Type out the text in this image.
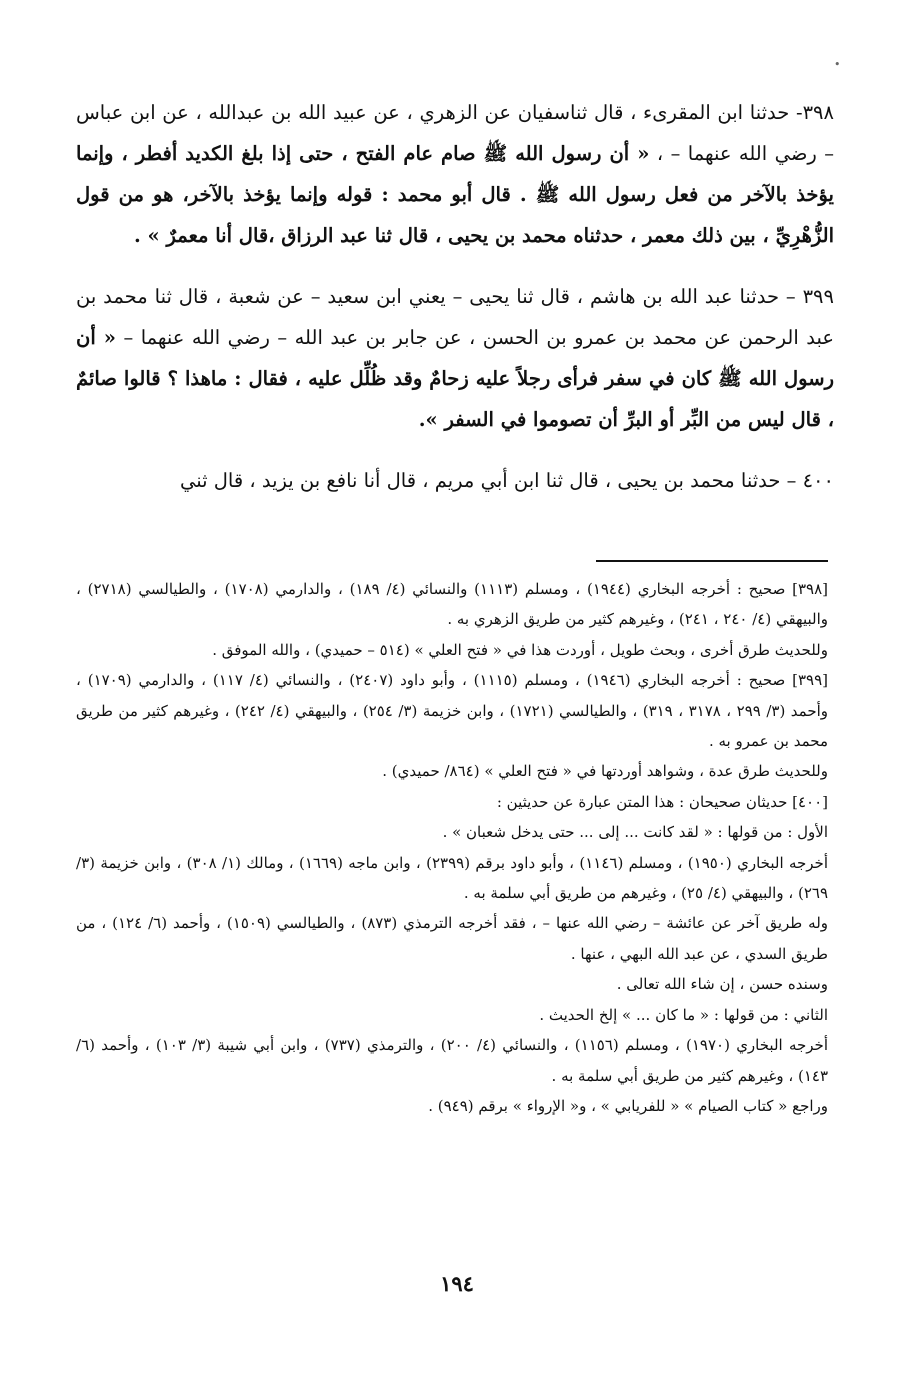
•

٣٩٨- حدثنا ابن المقرىء ، قال ثناسفيان عن الزهري ، عن عبيد الله بن عبدالله ، عن ابن عباس – رضي الله عنهما – ، « أن رسول الله ﷺ صام عام الفتح ، حتى إذا بلغ الكديد أفطر ، وإنما يؤخذ بالآخر من فعل رسول الله ﷺ . قال أبو محمد : قوله وإنما يؤخذ بالآخر، هو من قول الزُّهْرِيِّ ، بين ذلك معمر ، حدثناه محمد بن يحيى ، قال ثنا عبد الرزاق ،قال أنا معمرٌ » .

٣٩٩ – حدثنا عبد الله بن هاشم ، قال ثنا يحيى – يعني ابن سعيد – عن شعبة ، قال ثنا محمد بن عبد الرحمن عن محمد بن عمرو بن الحسن ، عن جابر بن عبد الله – رضي الله عنهما – « أن رسول الله ﷺ كان في سفر فرأى رجلاً عليه زحامٌ وقد ظُلِّل عليه ، فقال : ماهذا ؟ قالوا صائمٌ ، قال ليس من البِّر أو البرِّ أن تصوموا في السفر ».

٤٠٠ – حدثنا محمد بن يحيى ، قال ثنا ابن أبي مريم ، قال أنا نافع بن يزيد ، قال ثني

[٣٩٨] صحيح : أخرجه البخاري (١٩٤٤) ، ومسلم (١١١٣) والنسائي (٤/ ١٨٩) ، والدارمي (١٧٠٨) ، والطيالسي (٢٧١٨) ، والبيهقي (٤/ ٢٤٠ ، ٢٤١) ، وغيرهم كثير من طريق الزهري به .

وللحديث طرق أخرى ، وبحث طويل ، أوردت هذا في « فتح العلي » (٥١٤ – حميدي) ، والله الموفق .

[٣٩٩] صحيح : أخرجه البخاري (١٩٤٦) ، ومسلم (١١١٥) ، وأبو داود (٢٤٠٧) ، والنسائي (٤/ ١١٧) ، والدارمي (١٧٠٩) ، وأحمد (٣/ ٢٩٩ ، ٣١٧٨ ، ٣١٩) ، والطيالسي (١٧٢١) ، وابن خزيمة (٣/ ٢٥٤) ، والبيهقي (٤/ ٢٤٢) ، وغيرهم كثير من طريق محمد بن عمرو به .

وللحديث طرق عدة ، وشواهد أوردتها في « فتح العلي » (٨٦٤/ حميدي) .

[٤٠٠] حديثان صحيحان : هذا المتن عبارة عن حديثين :

الأول : من قولها : « لقد كانت ... إلى ... حتى يدخل شعبان » .

أخرجه البخاري (١٩٥٠) ، ومسلم (١١٤٦) ، وأبو داود برقم (٢٣٩٩) ، وابن ماجه (١٦٦٩) ، ومالك (١/ ٣٠٨) ، وابن خزيمة (٣/ ٢٦٩) ، والبيهقي (٤/ ٢٥) ، وغيرهم من طريق أبي سلمة به .

وله طريق آخر عن عائشة – رضي الله عنها – ، فقد أخرجه الترمذي (٨٧٣) ، والطيالسي (١٥٠٩) ، وأحمد (٦/ ١٢٤) ، من طريق السدي ، عن عبد الله البهي ، عنها .

وسنده حسن ، إن شاء الله تعالى .

الثاني : من قولها : « ما كان ... » إلخ الحديث .

أخرجه البخاري (١٩٧٠) ، ومسلم (١١٥٦) ، والنسائي (٤/ ٢٠٠) ، والترمذي (٧٣٧) ، وابن أبي شيبة (٣/ ١٠٣) ، وأحمد (٦/ ١٤٣) ، وغيرهم كثير من طريق أبي سلمة به .

وراجع « كتاب الصيام » « للفريابي » ، و« الإرواء » برقم (٩٤٩) .

١٩٤
